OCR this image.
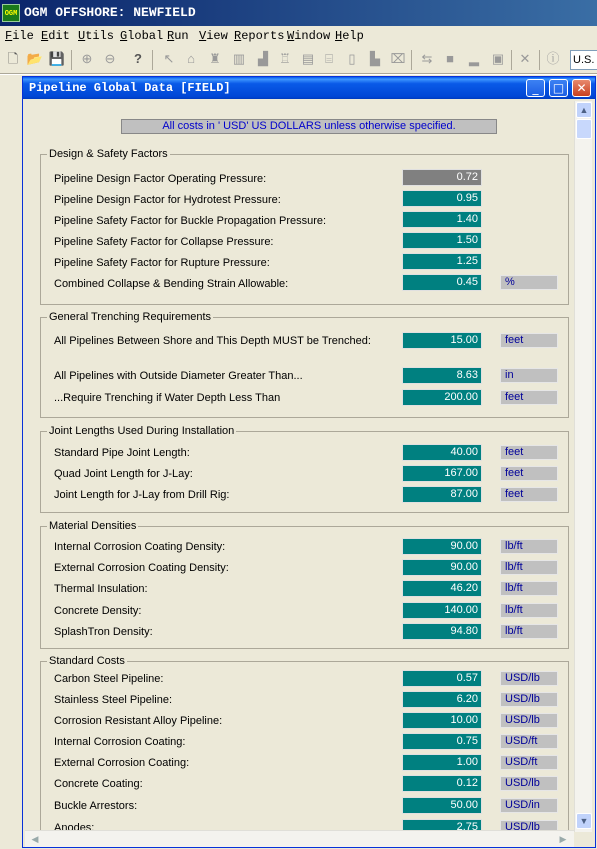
OGM OGM OFFSHORE: NEWFIELD
File Edit Utils Global Run View Reports Window Help
🗋 📂 💾 ⊕ ⊖	?	↖ ⌂	♜ ▥ ▟ ♖ ▤ ⌸	▯	▙ ⌧ ⇆	■	▂ ▣ ✕ ⓘ U.S.
Pipeline Global Data [FIELD]	_	□	✕
All costs in ' USD' US DOLLARS unless otherwise specified.
Design & Safety Factors
Pipeline Design Factor Operating Pressure:	0.72
Pipeline Design Factor for Hydrotest Pressure:	0.95
Pipeline Safety Factor for Buckle Propagation Pressure:	1.40
Pipeline Safety Factor for Collapse Pressure:	1.50
Pipeline Safety Factor for Rupture Pressure:	1.25
Combined Collapse & Bending Strain Allowable:	0.45	%
General Trenching Requirements
All Pipelines Between Shore and This Depth MUST be Trenched:	15.00	feet
All Pipelines with Outside Diameter Greater Than...	8.63	in
...Require Trenching if Water Depth Less Than	200.00	feet
Joint Lengths Used During Installation
Standard Pipe Joint Length:	40.00	feet
Quad Joint Length for J-Lay:	167.00	feet
Joint Length for J-Lay from Drill Rig:	87.00	feet
Material Densities
Internal Corrosion Coating Density:	90.00	lb/ft
External Corrosion Coating Density:	90.00	lb/ft
Thermal Insulation:	46.20	lb/ft
Concrete Density:	140.00	lb/ft
SplashTron Density:	94.80	lb/ft
Standard Costs
Carbon Steel Pipeline:	0.57	USD/lb
Stainless Steel Pipeline:	6.20	USD/lb
Corrosion Resistant Alloy Pipeline:	10.00	USD/lb
Internal Corrosion Coating:	0.75	USD/ft
External Corrosion Coating:	1.00	USD/ft
Concrete Coating:	0.12	USD/lb
Buckle Arrestors:	50.00	USD/in
Anodes:	2.75	USD/lb
▲
▼
◀	▶
